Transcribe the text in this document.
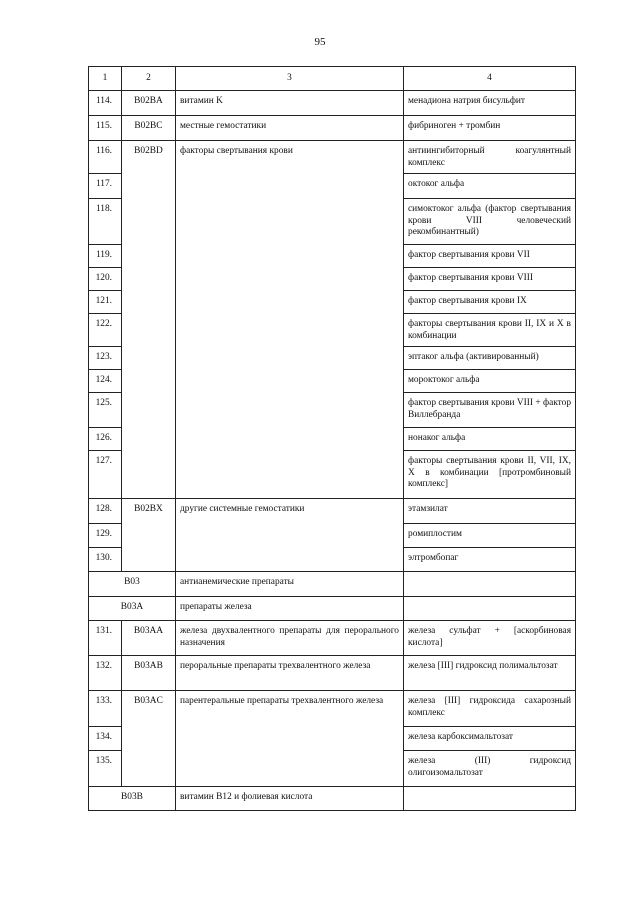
95
1	2	3	4
114.	B02BA	витамин K	менадиона натрия бисульфит
115.	B02BC	местные гемостатики	фибриноген + тромбин
116.	B02BD	факторы свертывания крови	антиингибиторный коагулянтный комплекс
117.			октоког альфа
118.			симоктоког альфа (фактор свертывания крови VIII человеческий рекомбинантный)
119.			фактор свертывания крови VII
120.			фактор свертывания крови VIII
121.			фактор свертывания крови IX
122.			факторы свертывания крови II, IX и X в комбинации
123.			эптаког альфа (активированный)
124.			мороктоког альфа
125.			фактор свертывания крови VIII + фактор Виллебранда
126.			нонаког альфа
127.			факторы свертывания крови II, VII, IX, X в комбинации [протромбиновый комплекс]
128.	B02BX	другие системные гемостатики	этамзилат
129.			ромиплостим
130.			элтромбопаг
B03		антианемические препараты	
B03A		препараты железа	
131.	B03AA	железа двухвалентного препараты для перорального назначения	железа сульфат + [аскорбиновая кислота]
132.	B03AB	пероральные препараты трехвалентного железа	железа [III] гидроксид полимальтозат
133.	B03AC	парентеральные препараты трехвалентного железа	железа [III] гидроксида сахарозный комплекс
134.			железа карбоксимальтозат
135.			железа (III) гидроксид олигоизомальтозат
B03B		витамин B12 и фолиевая кислота	
